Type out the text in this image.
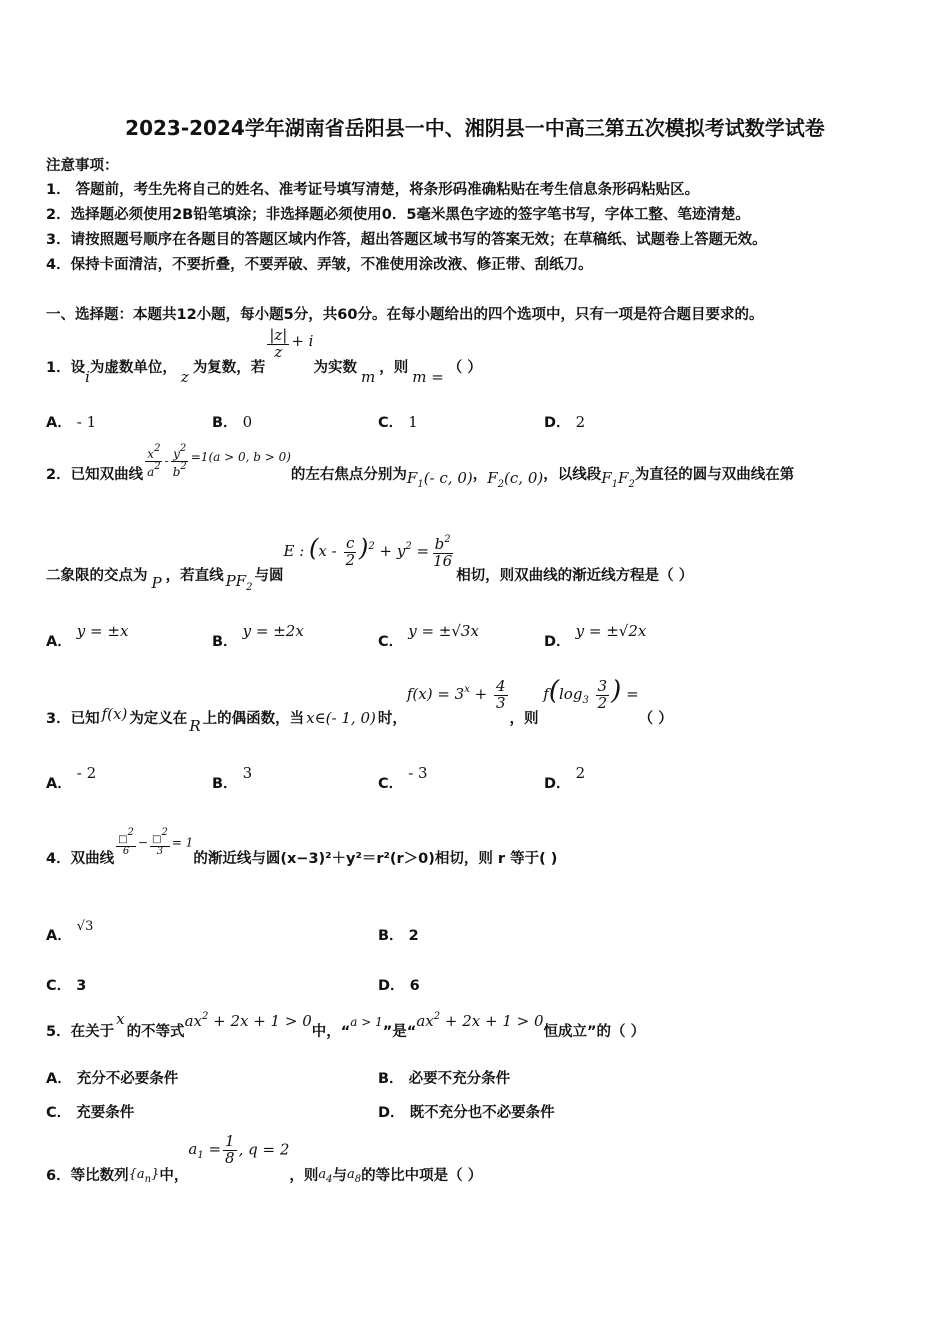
2023-2024学年湖南省岳阳县一中、湘阴县一中高三第五次模拟考试数学试卷
注意事项：
1． 答题前，考生先将自己的姓名、准考证号填写清楚，将条形码准确粘贴在考生信息条形码粘贴区。
2．选择题必须使用2B铅笔填涂；非选择题必须使用0．5毫米黑色字迹的签字笔书写，字体工整、笔迹清楚。
3．请按照题号顺序在各题目的答题区域内作答，超出答题区域书写的答案无效；在草稿纸、试题卷上答题无效。
4．保持卡面清洁，不要折叠，不要弄破、弄皱，不准使用涂改液、修正带、刮纸刀。
一、选择题：本题共12小题，每小题5分，共60分。在每小题给出的四个选项中，只有一项是符合题目要求的。
1．设i为虚数单位， z 为复数，若
$\frac{|z|}{z} + i$为实数 m ，则 m = （ ）
A． - 1	B． 0	C． 1	D． 2
2．已知双曲线 $\frac{x^2}{a^2} - \frac{y^2}{b^2} ^{=1(a > 0, b > 0)}$的左右焦点分别为$F_1(-$ c, 0)，$F_2(c$, 0)，以线段$F_1F_2$为直径的圆与双曲线在第
二象限的交点为 P ，若直线 $PF_2$与圆E : $(x - \frac{c}{2} )^2 + y^2 = \frac{b^2}{16}$
相切，则双曲线的渐近线方程是（ ）
A． y = ±x
B． y = ±2x
C． y = ±√3x
D． y = ±√2x
3．已知 f(x) 为定义在 R 上的偶函数，当 x∈(- 1, 0) 时，$f(x) = 3^x + \frac{4}{3}$
，则 $f(\log_3 \frac{3}{2}$ ) =（ ）
A． - 2
B． 3
C． - 3
D． 2
4．双曲线
$\frac{□2}{6} - \frac{□2}{3} = 1$的渐近线与圆(x−3)²＋y²＝r²(r＞0)相切，则 r 等于( )
A． √3
B． 2
C． 3	D． 6
5．在关于x的不等式$ax^2 + 2x + 1 > 0$中，“a > 1”是“$ax^2 + 2x + 1 > 0$恒成立”的（ ）
A． 充分不必要条件	B． 必要不充分条件
C． 充要条件	D． 既不充分也不必要条件
6．等比数列$\{a_n\}$中，$a_1 = \frac{1}{8}$ , q = 2，则$a_4$与$a_8$的等比中项是（ ）
